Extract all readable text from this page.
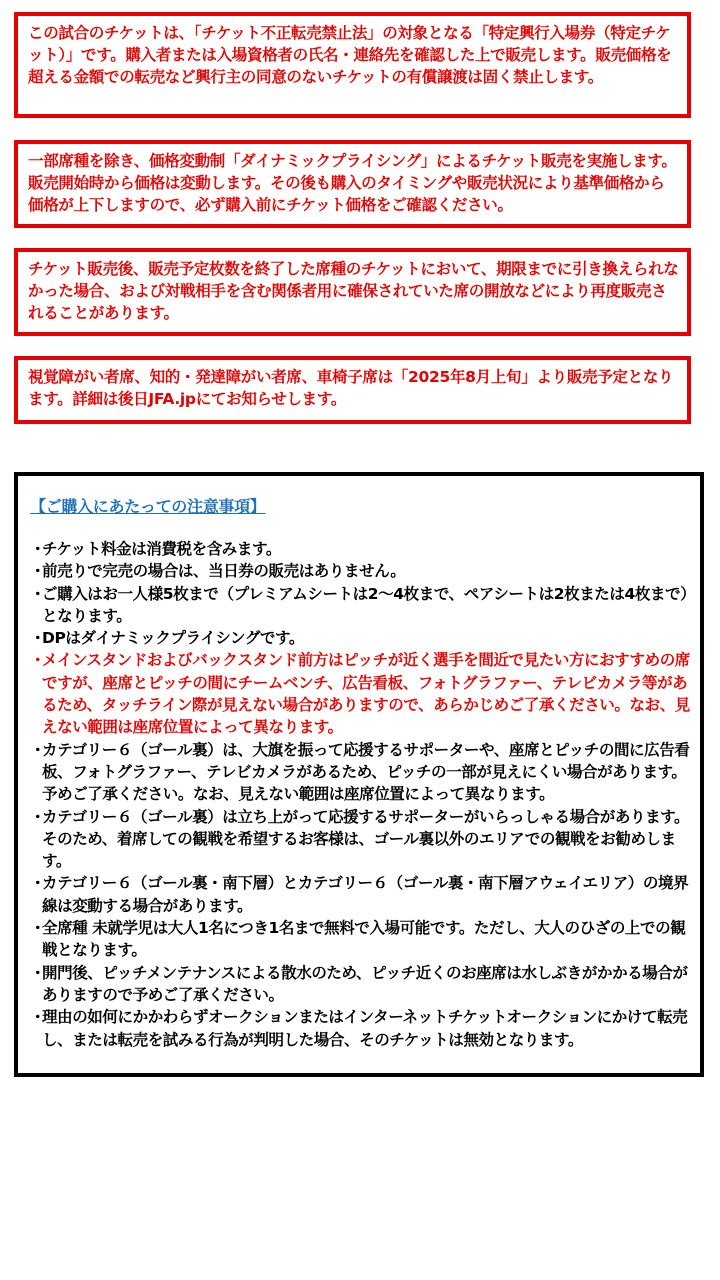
この試合のチケットは、「チケット不正転売禁止法」の対象となる「特定興行入場券（特定チケット）」です。購入者または入場資格者の氏名・連絡先を確認した上で販売します。販売価格を超える金額での転売など興行主の同意のないチケットの有償譲渡は固く禁止します。
一部席種を除き、価格変動制「ダイナミックプライシング」によるチケット販売を実施します。販売開始時から価格は変動します。その後も購入のタイミングや販売状況により基準価格から価格が上下しますので、必ず購入前にチケット価格をご確認ください。
チケット販売後、販売予定枚数を終了した席種のチケットにおいて、期限までに引き換えられなかった場合、および対戦相手を含む関係者用に確保されていた席の開放などにより再度販売されることがあります。
視覚障がい者席、知的・発達障がい者席、車椅子席は「2025年8月上旬」より販売予定となります。詳細は後日JFA.jpにてお知らせします。
【ご購入にあたっての注意事項】
・
チケット料金は消費税を含みます。
・
前売りで完売の場合は、当日券の販売はありません。
・
ご購入はお一人様5枚まで（プレミアムシートは2～4枚まで、ペアシートは2枚または4枚まで）となります。
・
DPはダイナミックプライシングです。
・
メインスタンドおよびバックスタンド前方はピッチが近く選手を間近で見たい方におすすめの席ですが、座席とピッチの間にチームベンチ、広告看板、フォトグラファー、テレビカメラ等があるため、タッチライン際が見えない場合がありますので、あらかじめご了承ください。なお、見えない範囲は座席位置によって異なります。
・
カテゴリー６（ゴール裏）は、大旗を振って応援するサポーターや、座席とピッチの間に広告看板、フォトグラファー、テレビカメラがあるため、ピッチの一部が見えにくい場合があります。予めご了承ください。なお、見えない範囲は座席位置によって異なります。
・
カテゴリー６（ゴール裏）は立ち上がって応援するサポーターがいらっしゃる場合があります。そのため、着席しての観戦を希望するお客様は、ゴール裏以外のエリアでの観戦をお勧めします。
・
カテゴリー６（ゴール裏・南下層）とカテゴリー６（ゴール裏・南下層アウェイエリア）の境界線は変動する場合があります。
・
全席種 未就学児は大人1名につき1名まで無料で入場可能です。ただし、大人のひざの上での観戦となります。
・
開門後、ピッチメンテナンスによる散水のため、ピッチ近くのお座席は水しぶきがかかる場合がありますので予めご了承ください。
・
理由の如何にかかわらずオークションまたはインターネットチケットオークションにかけて転売し、または転売を試みる行為が判明した場合、そのチケットは無効となります。
